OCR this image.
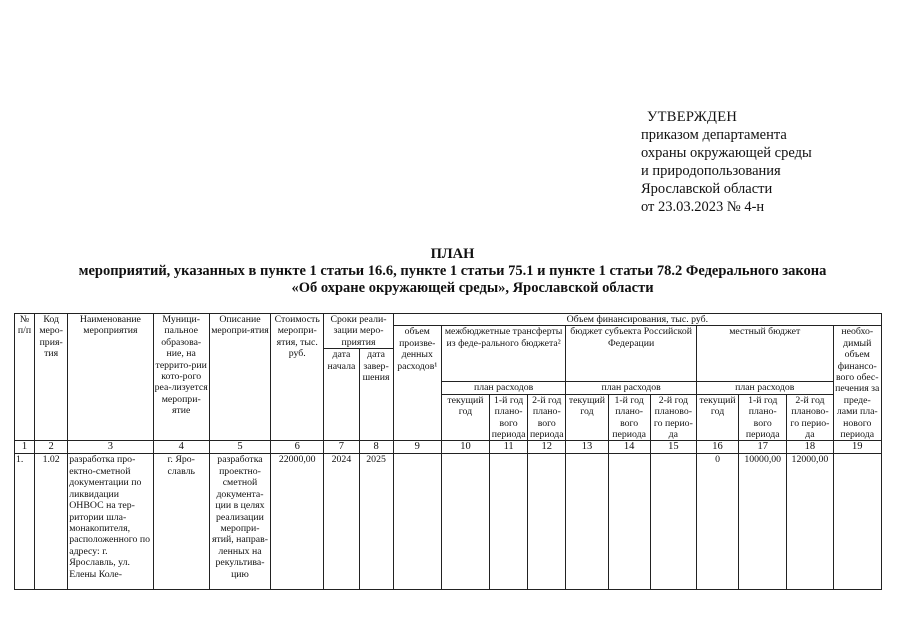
УТВЕРЖДЕН
приказом департамента
охраны окружающей среды
и природопользования
Ярославской области
от 23.03.2023 № 4-н
ПЛАН
мероприятий, указанных в пункте 1 статьи 16.6, пункте 1 статьи 75.1 и пункте 1 статьи 78.2 Федерального закона
«Об охране окружающей среды», Ярославской области
№ п/п	Код меро-прия-тия	Наименование мероприятия	Муници-пальное образова-ние, на террито-рии кото-рого реа-лизуется меропри-ятие	Описание меропри-ятия	Стоимость меропри-ятия, тыс. руб.	Сроки реали-зации меро-приятия		Объем финансирования, тыс. руб.										
								объем произве-денных расходов¹	межбюджетные трансферты из феде-рального бюджета²			бюджет субъекта Российской Федерации			местный бюджет			необхо-димый объем финансо-вого обес-печения за преде-лами пла-нового периода
						дата начала	дата завер-шения											
									план расходов			план расходов			план расходов			
									текущий год	1-й год плано-вого периода	2-й год плано-вого периода	текущий год	1-й год плано-вого периода	2-й год планово-го перио-да	текущий год	1-й год плано-вого периода	2-й год планово-го перио-да	
1	2	3	4	5	6	7	8	9	10	11	12	13	14	15	16	17	18	19
1.	1.02	разработка про-ектно-сметной документации по ликвидации ОНВОС на тер-ритории шла-монакопителя, расположенного по адресу: г. Ярославль, ул. Елены Коле-	г. Яро-славль	разработка проектно-сметной документа-ции в целях реализации меропри-ятий, направ-ленных на рекультива-цию	22000,00	2024	2025								0	10000,00	12000,00	
